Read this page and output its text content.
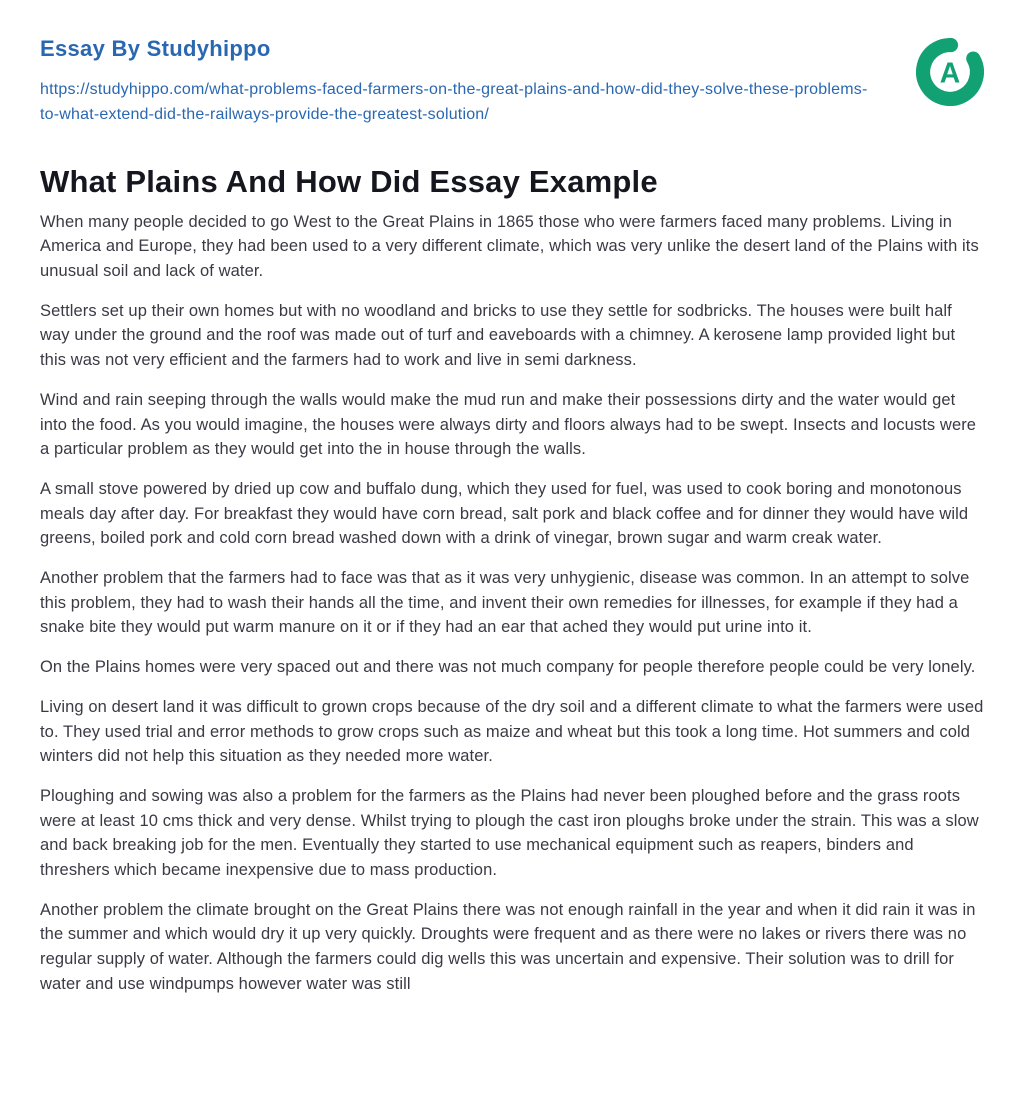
Essay By Studyhippo
https://studyhippo.com/what-problems-faced-farmers-on-the-great-plains-and-how-did-they-solve-these-problems-to-what-extend-did-the-railways-provide-the-greatest-solution/
A
What Plains And How Did Essay Example

When many people decided to go West to the Great Plains in 1865 those who were farmers faced many problems. Living in America and Europe, they had been used to a very different climate, which was very unlike the desert land of the Plains with its unusual soil and lack of water.

Settlers set up their own homes but with no woodland and bricks to use they settle for sodbricks. The houses were built half way under the ground and the roof was made out of turf and eaveboards with a chimney. A kerosene lamp provided light but this was not very efficient and the farmers had to work and live in semi darkness.

Wind and rain seeping through the walls would make the mud run and make their possessions dirty and the water would get into the food. As you would imagine, the houses were always dirty and floors always had to be swept. Insects and locusts were a particular problem as they would get into the in house through the walls.

A small stove powered by dried up cow and buffalo dung, which they used for fuel, was used to cook boring and monotonous meals day after day. For breakfast they would have corn bread, salt pork and black coffee and for dinner they would have wild greens, boiled pork and cold corn bread washed down with a drink of vinegar, brown sugar and warm creak water.

Another problem that the farmers had to face was that as it was very unhygienic, disease was common. In an attempt to solve this problem, they had to wash their hands all the time, and invent their own remedies for illnesses, for example if they had a snake bite they would put warm manure on it or if they had an ear that ached they would put urine into it.

On the Plains homes were very spaced out and there was not much company for people therefore people could be very lonely.

Living on desert land it was difficult to grown crops because of the dry soil and a different climate to what the farmers were used to. They used trial and error methods to grow crops such as maize and wheat but this took a long time. Hot summers and cold winters did not help this situation as they needed more water.

Ploughing and sowing was also a problem for the farmers as the Plains had never been ploughed before and the grass roots were at least 10 cms thick and very dense. Whilst trying to plough the cast iron ploughs broke under the strain. This was a slow and back breaking job for the men. Eventually they started to use mechanical equipment such as reapers, binders and threshers which became inexpensive due to mass production.

Another problem the climate brought on the Great Plains there was not enough rainfall in the year and when it did rain it was in the summer and which would dry it up very quickly. Droughts were frequent and as there were no lakes or rivers there was no regular supply of water. Although the farmers could dig wells this was uncertain and expensive. Their solution was to drill for water and use windpumps however water was still
